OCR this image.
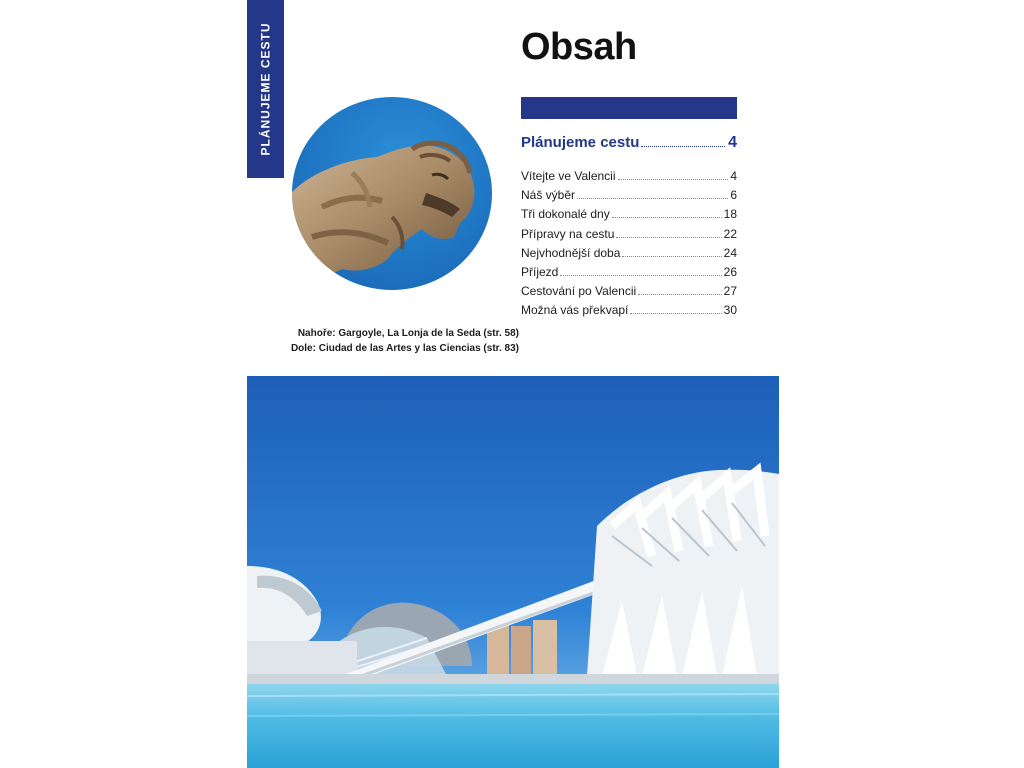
PLÁNUJEME CESTU	Obsah
Plánujeme cestu	4
Vítejte ve Valencii	4
Náš výběr	6
Tři dokonalé dny	18
Přípravy na cestu	22
Nejvhodnější doba	24
Příjezd	26
Cestování po Valencii	27
Možná vás překvapí	30
Nahoře: Gargoyle, La Lonja de la Seda (str. 58)
Dole: Ciudad de las Artes y las Ciencias (str. 83)
